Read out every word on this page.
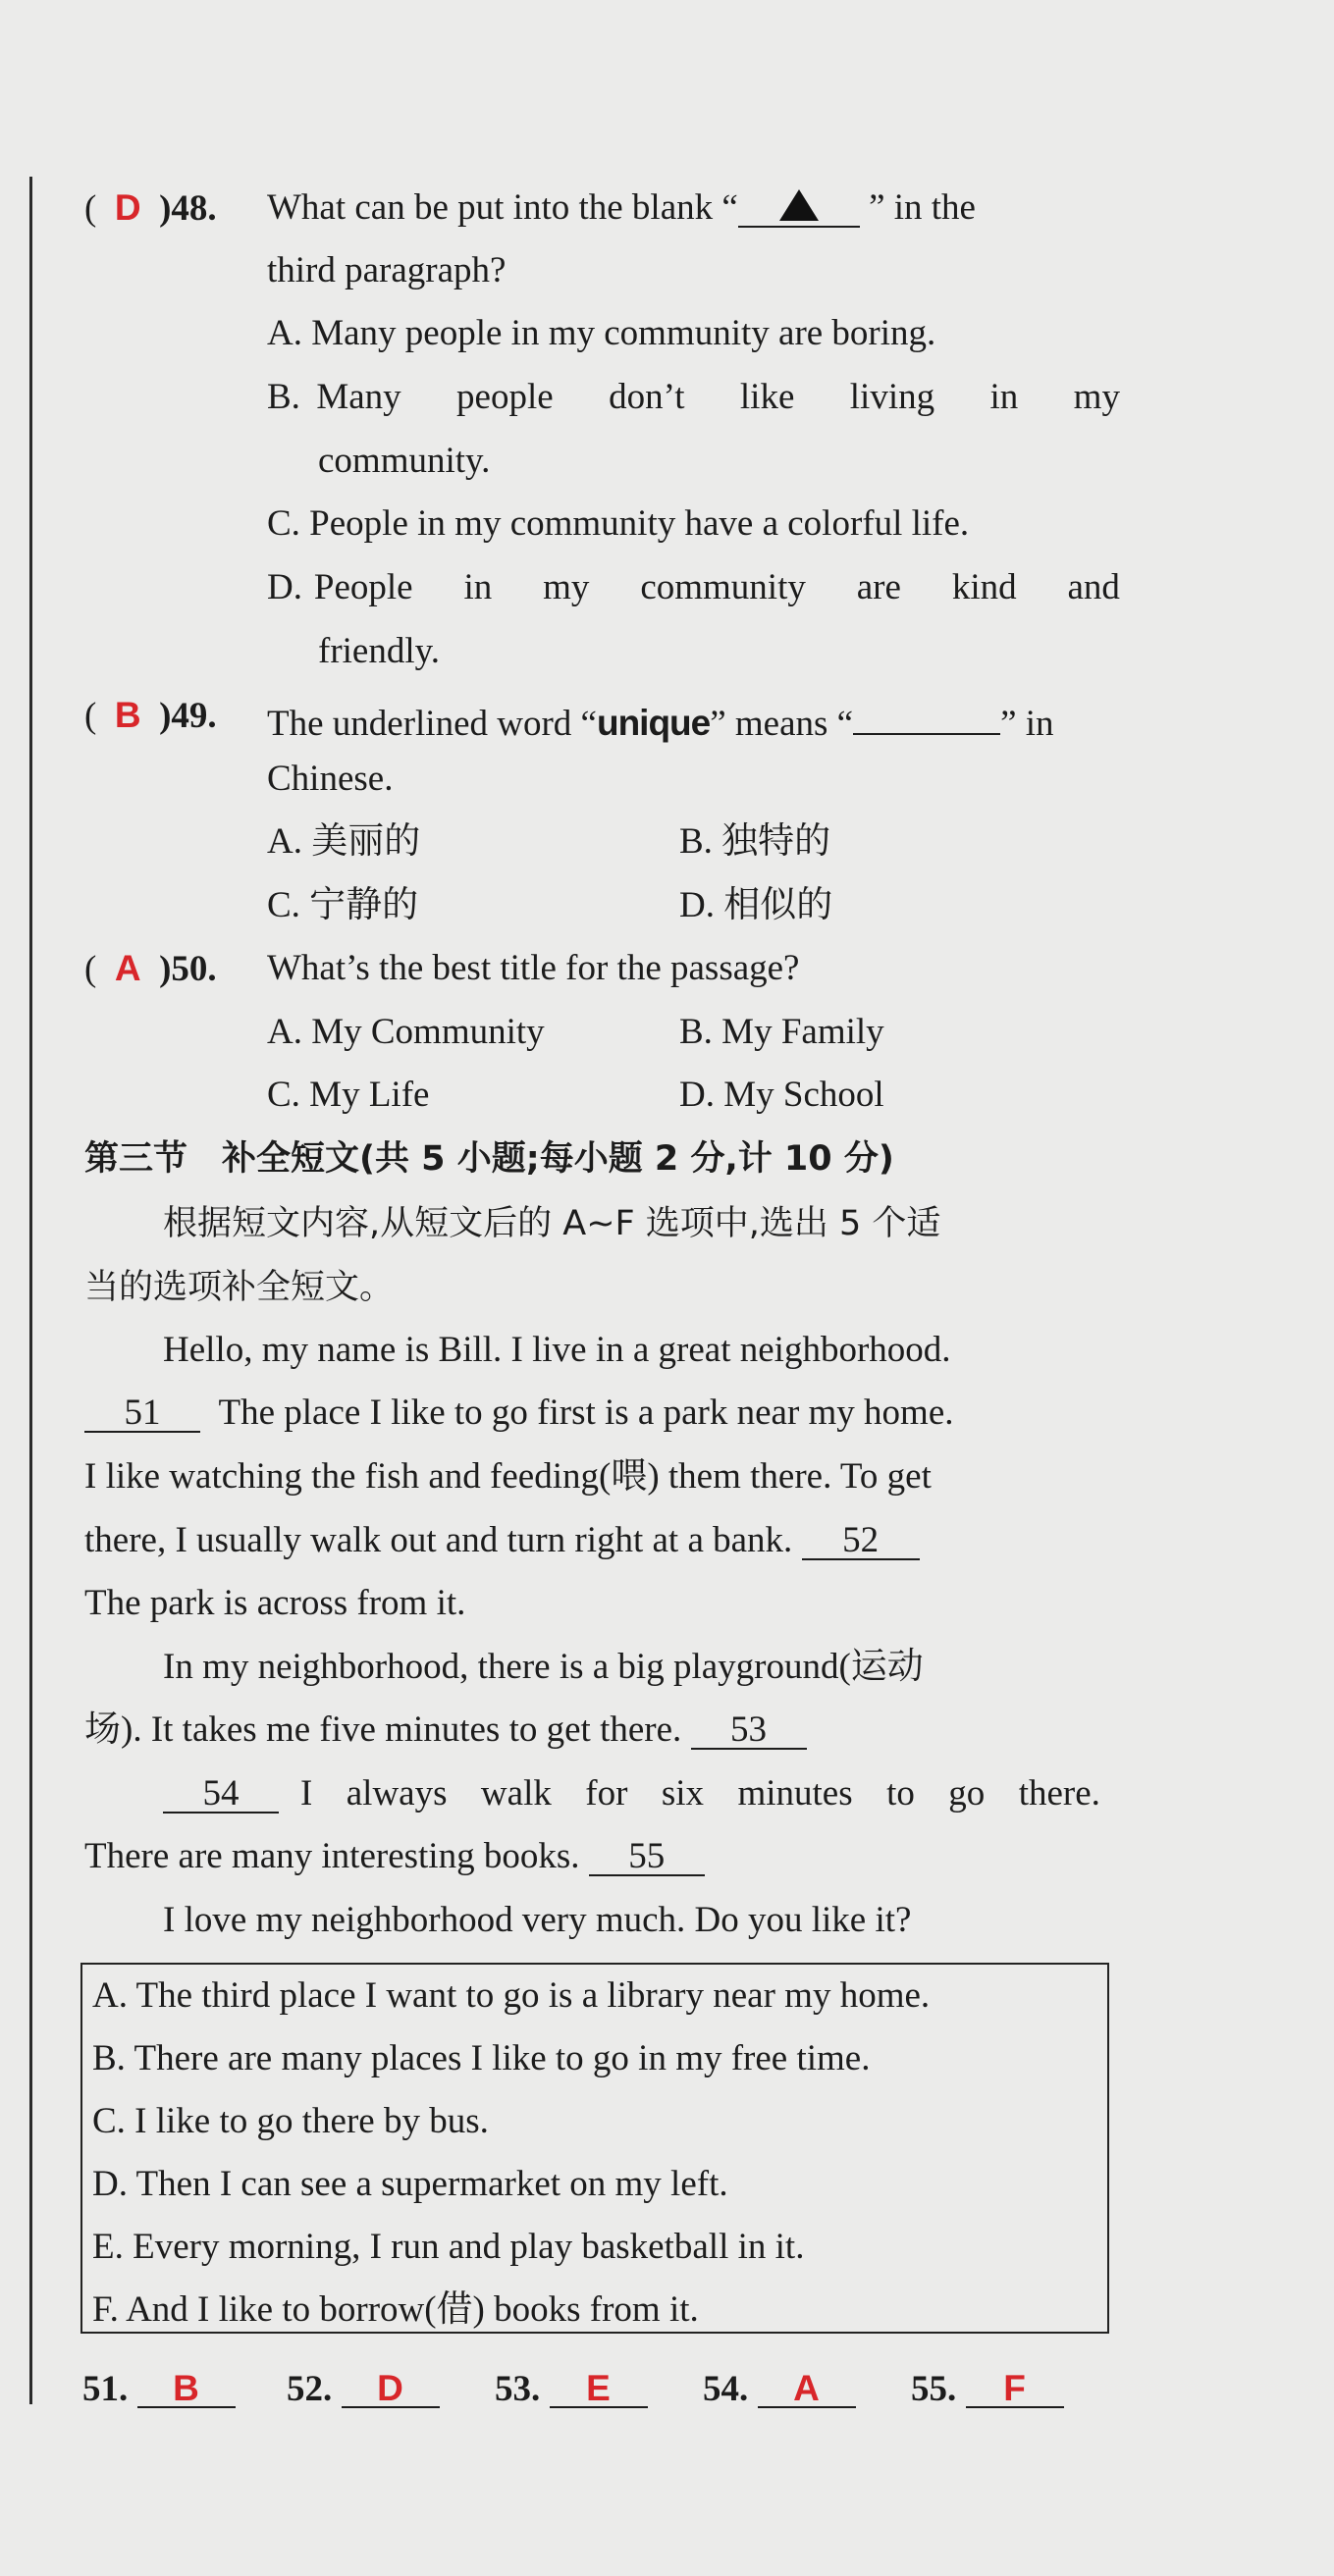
( D )48. What can be put into the blank “	” in the
third paragraph?
A. Many people in my community are boring.
B. Many people don’t like living in my
community.
C. People in my community have a colorful life.
D. People in my community are kind and
friendly.
( B )49. The underlined word “unique” means “	” in
Chinese.
A. 美丽的	B. 独特的
C. 宁静的	D. 相似的
( A )50. What’s the best title for the passage?
A. My Community	B. My Family
C. My Life	D. My School
第三节　补全短文(共 5 小题;每小题 2 分,计 10 分)
根据短文内容,从短文后的 A~F 选项中,选出 5 个适
当的选项补全短文。
Hello, my name is Bill. I live in a great neighborhood.
51 The place I like to go first is a park near my home.
I like watching the fish and feeding(喂) them there. To get
there, I usually walk out and turn right at a bank. 52
The park is across from it.
In my neighborhood, there is a big playground(运动
场). It takes me five minutes to get there. 53
54	I always walk for six minutes to go there.
There are many interesting books. 55
I love my neighborhood very much. Do you like it?
A. The third place I want to go is a library near my home.
B. There are many places I like to go in my free time.
C. I like to go there by bus.
D. Then I can see a supermarket on my left.
E. Every morning, I run and play basketball in it.
F. And I like to borrow(借) books from it.
51. B	52. D	53. E	54. A	55. F
